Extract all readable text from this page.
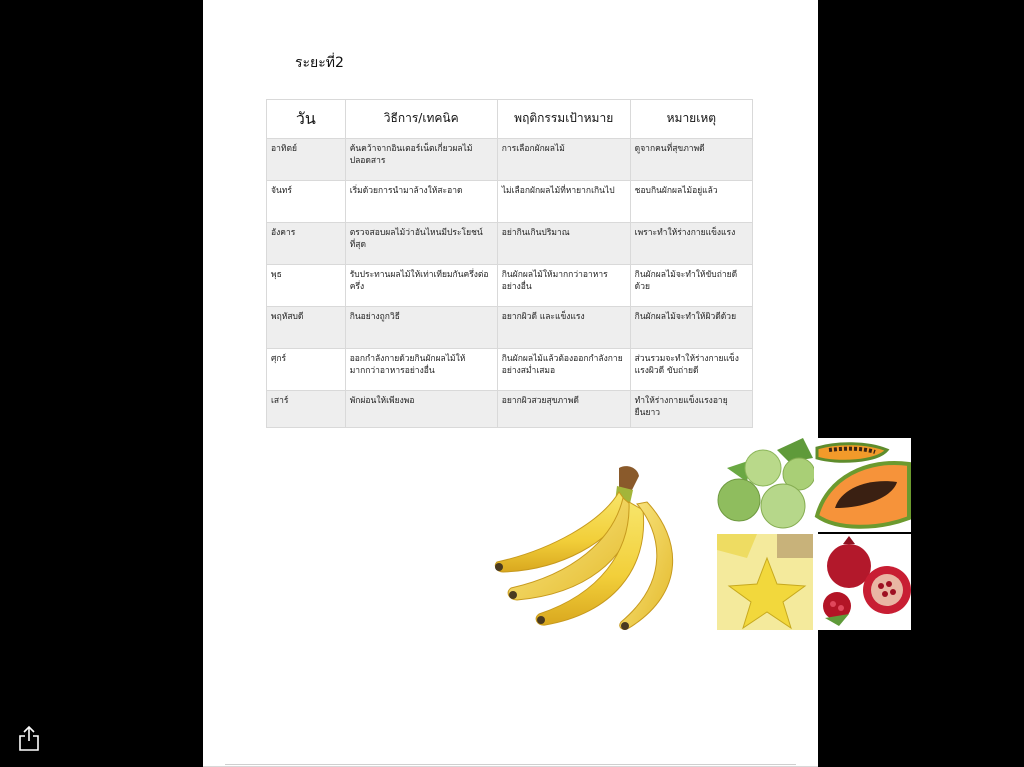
ระยะที่2
วัน	วิธีการ/เทคนิค	พฤติกรรมเป้าหมาย	หมายเหตุ
อาทิตย์	ค้นคว้าจากอินเตอร์เน็ตเกี่ยวผลไม้ปลอดสาร	การเลือกผักผลไม้	ดูจากคนที่สุขภาพดี
จันทร์	เริ่มด้วยการนำมาล้างให้สะอาด	ไม่เลือกผักผลไม้ที่หายากเกินไป	ชอบกินผักผลไม้อยู่แล้ว
อังคาร	ตรวจสอบผลไม้ว่าอันไหนมีประโยชน์ที่สุด	อย่ากินเกินปริมาณ	เพราะทำให้ร่างกายแข็งแรง
พุธ	รับประทานผลไม้ให้เท่าเทียมกันครึ่งต่อครึ่ง	กินผักผลไม้ให้มากกว่าอาหารอย่างอื่น	กินผักผลไม้จะทำให้ขับถ่ายดีด้วย
พฤหัสบดี	กินอย่างถูกวิธี	อยากผิวดี และแข็งแรง	กินผักผลไม้จะทำให้ผิวดีด้วย
ศุกร์	ออกกำลังกายด้วยกินผักผลไม้ให้มากกว่าอาหารอย่างอื่น	กินผักผลไม้แล้วต้องออกกำลังกายอย่างสม่ำเสมอ	ส่วนรวมจะทำให้ร่างกายแข็งแรงผิวดี ขับถ่ายดี
เสาร์	พักผ่อนให้เพียงพอ	อยากผิวสวยสุขภาพดี	ทำให้ร่างกายแข็งแรงอายุยืนยาว
